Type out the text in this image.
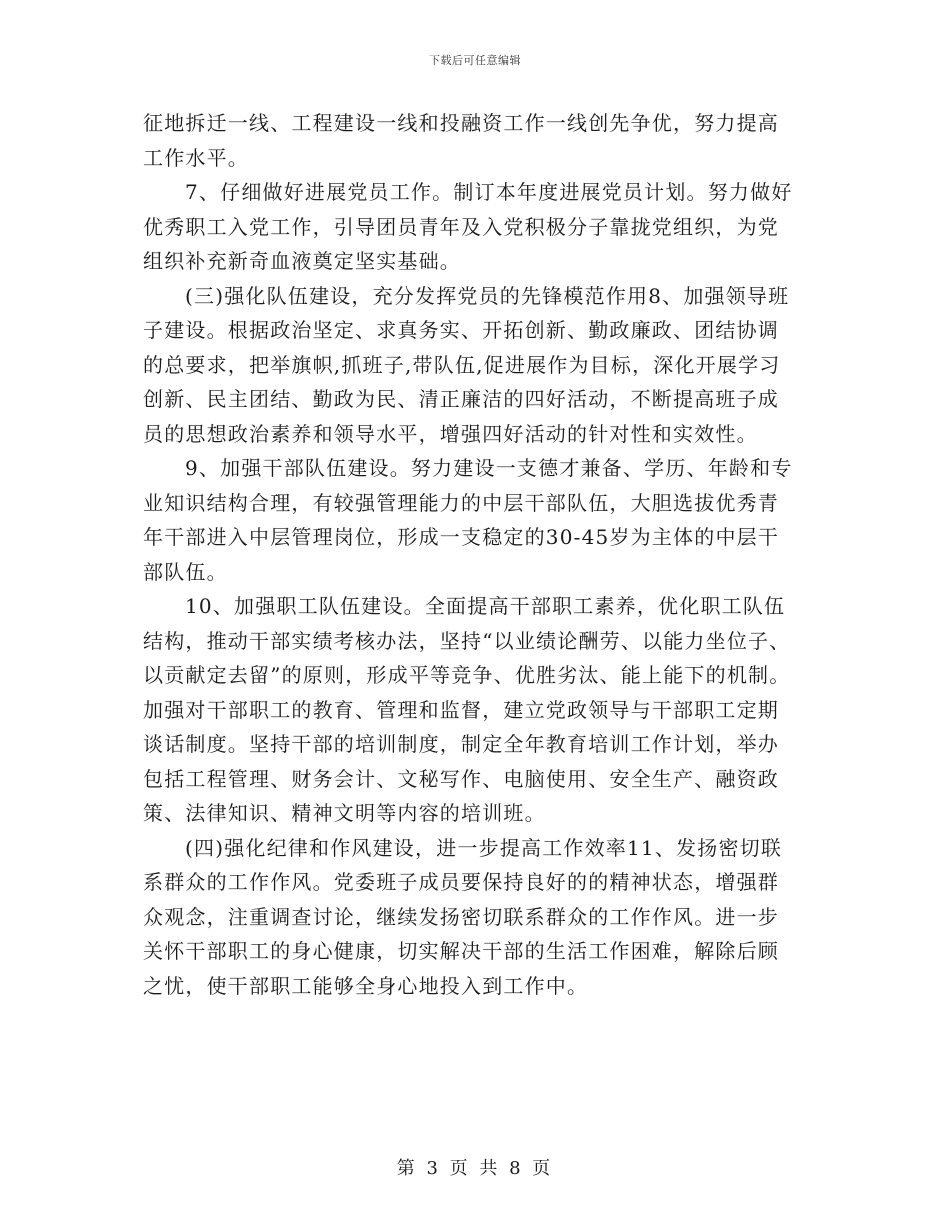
下载后可任意编辑

征地拆迁一线、工程建设一线和投融资工作一线创先争优，努力提高
工作水平。

7、仔细做好进展党员工作。制订本年度进展党员计划。努力做好
优秀职工入党工作，引导团员青年及入党积极分子靠拢党组织，为党
组织补充新奇血液奠定坚实基础。

(三)强化队伍建设，充分发挥党员的先锋模范作用8、加强领导班
子建设。根据政治坚定、求真务实、开拓创新、勤政廉政、团结协调
的总要求，把举旗帜,抓班子,带队伍,促进展作为目标，深化开展学习
创新、民主团结、勤政为民、清正廉洁的四好活动，不断提高班子成
员的思想政治素养和领导水平，增强四好活动的针对性和实效性。

9、加强干部队伍建设。努力建设一支德才兼备、学历、年龄和专
业知识结构合理，有较强管理能力的中层干部队伍，大胆选拔优秀青
年干部进入中层管理岗位，形成一支稳定的30-45岁为主体的中层干
部队伍。

10、加强职工队伍建设。全面提高干部职工素养，优化职工队伍
结构，推动干部实绩考核办法，坚持“以业绩论酬劳、以能力坐位子、
以贡献定去留”的原则，形成平等竞争、优胜劣汰、能上能下的机制。
加强对干部职工的教育、管理和监督，建立党政领导与干部职工定期
谈话制度。坚持干部的培训制度，制定全年教育培训工作计划，举办
包括工程管理、财务会计、文秘写作、电脑使用、安全生产、融资政
策、法律知识、精神文明等内容的培训班。

(四)强化纪律和作风建设，进一步提高工作效率11、发扬密切联
系群众的工作作风。党委班子成员要保持良好的的精神状态，增强群
众观念，注重调查讨论，继续发扬密切联系群众的工作作风。进一步
关怀干部职工的身心健康，切实解决干部的生活工作困难，解除后顾
之忧，使干部职工能够全身心地投入到工作中。

第 3 页 共 8 页
